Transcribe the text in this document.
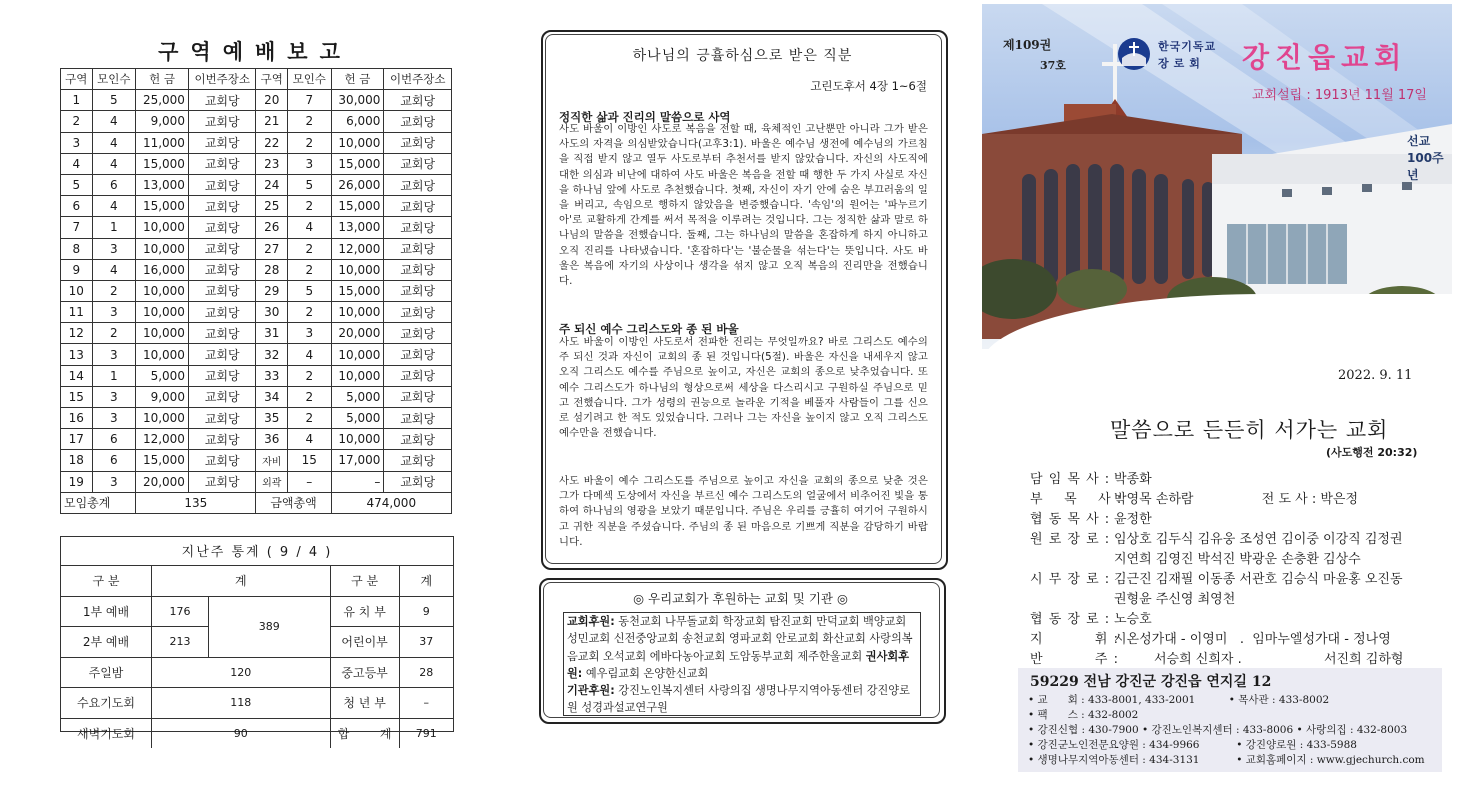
구역예배보고
구역	모인수	헌 금	이번주장소	구역	모인수	헌 금	이번주장소
1	5	25,000	교회당	20	7	30,000	교회당
2	4	9,000	교회당	21	2	6,000	교회당
3	4	11,000	교회당	22	2	10,000	교회당
4	4	15,000	교회당	23	3	15,000	교회당
5	6	13,000	교회당	24	5	26,000	교회당
6	4	15,000	교회당	25	2	15,000	교회당
7	1	10,000	교회당	26	4	13,000	교회당
8	3	10,000	교회당	27	2	12,000	교회당
9	4	16,000	교회당	28	2	10,000	교회당
10	2	10,000	교회당	29	5	15,000	교회당
11	3	10,000	교회당	30	2	10,000	교회당
12	2	10,000	교회당	31	3	20,000	교회당
13	3	10,000	교회당	32	4	10,000	교회당
14	1	5,000	교회당	33	2	10,000	교회당
15	3	9,000	교회당	34	2	5,000	교회당
16	3	10,000	교회당	35	2	5,000	교회당
17	6	12,000	교회당	36	4	10,000	교회당
18	6	15,000	교회당	자비	15	17,000	교회당
19	3	20,000	교회당	외곽	–	–	교회당
모임총계		135		금액총액		474,000	
지난주 통계 ( 9 / 4 )
구 분	계		구 분	계
1부 예배	176	389	유 치 부	9
2부 예배	213		어린이부	37
주일밤	120		중고등부	28
수요기도회	118		청 년 부	–
새벽기도회	90		합        계	791
하나님의 긍휼하심으로 받은 직분
고린도후서 4장 1~6절
정직한 삶과 진리의 말씀으로 사역
사도 바울이 이방인 사도로 복음을 전할 때, 육체적인 고난뿐만 아니라 그가 받은 사도의 자격을 의심받았습니다(고후3:1). 바울은 예수님 생전에 예수님의 가르침을 직접 받지 않고 열두 사도로부터 추천서를 받지 않았습니다. 자신의 사도직에 대한 의심과 비난에 대하여 사도 바울은 복음을 전할 때 행한 두 가지 사실로 자신을 하나님 앞에 사도로 추천했습니다. 첫째, 자신이 자기 안에 숨은 부끄러움의 일을 버리고, 속임으로 행하지 않았음을 변증했습니다. '속임'의 원어는 '파누르기아'로 교활하게 간계를 써서 목적을 이루려는 것입니다. 그는 정직한 삶과 말로 하나님의 말씀을 전했습니다. 둘째, 그는 하나님의 말씀을 혼잡하게 하지 아니하고 오직 진리를 나타냈습니다. '혼잡하다'는 '불순물을 섞는다'는 뜻입니다. 사도 바울은 복음에 자기의 사상이나 생각을 섞지 않고 오직 복음의 진리만을 전했습니다.
주 되신 예수 그리스도와 종 된 바울
사도 바울이 이방인 사도로서 전파한 진리는 무엇일까요? 바로 그리스도 예수의 주 되신 것과 자신이 교회의 종 된 것입니다(5절). 바울은 자신을 내세우지 않고 오직 그리스도 예수를 주님으로 높이고, 자신은 교회의 종으로 낮추었습니다. 또 예수 그리스도가 하나님의 형상으로써 세상을 다스리시고 구원하실 주님으로 믿고 전했습니다. 그가 성령의 권능으로 놀라운 기적을 베풀자 사람들이 그를 신으로 섬기려고 한 적도 있었습니다. 그러나 그는 자신을 높이지 않고 오직 그리스도 예수만을 전했습니다.
사도 바울이 예수 그리스도를 주님으로 높이고 자신을 교회의 종으로 낮춘 것은 그가 다메섹 도상에서 자신을 부르신 예수 그리스도의 얼굴에서 비추어진 빛을 통하여 하나님의 영광을 보았기 때문입니다. 주님은 우리를 긍휼히 여기어 구원하시고 귀한 직분을 주셨습니다. 주님의 종 된 마음으로 기쁘게 직분을 감당하기 바랍니다.
◎ 우리교회가 후원하는 교회 및 기관 ◎
교회후원: 동천교회 나무돌교회 학장교회 탐진교회 만덕교회 백양교회 성민교회 신전중앙교회 송천교회 영파교회 안로교회 화산교회 사랑의복음교회 오석교회 에바다농아교회 도암동부교회 제주한울교회 권사회후원: 예우림교회 온양한신교회
기관후원: 강진노인복지센터 사랑의집 생명나무지역아동센터 강진양로원 성경과설교연구원
선교 100주년
제109권
37호
한국기독교
장로회 강진읍교회
교회설립 : 1913년 11월 17일
2022. 9. 11
말씀으로 든든히 서가는 교회
(사도행전 20:32)
담 임 목 사 : 박종화
부    목    사 :박영목 손하람	전 도 사 : 박은정
협 동 목 사 : 윤정한
원 로 장 로 : 임상호 김두식 김유웅 조성연 김이중 이강직 김정권
지연희 김영진 박석진 박광운 손충환 김상수
시 무 장 로 : 김근진 김재필 이동종 서관호 김승식 마윤홍 오진동
권형윤 주신영 최영천
협 동 장 로 : 노승호
지          휘 :시온성가대 - 이영미   .  임마누엘성가대 - 정나영
반          주 :	서승희 신희자 .	서진희 김하형
59229 전남 강진군 강진읍 연지길 12
• 교      회 : 433-8001, 433-2001          • 목사관 : 433-8002
• 팩      스 : 432-8002
• 강진신협 : 430-7900 • 강진노인복지센터 : 433-8006 • 사랑의집 : 432-8003
• 강진군노인전문요양원 : 434-9966           • 강진양로원 : 433-5988
• 생명나무지역아동센터 : 434-3131           • 교회홈페이지 : www.gjechurch.com
